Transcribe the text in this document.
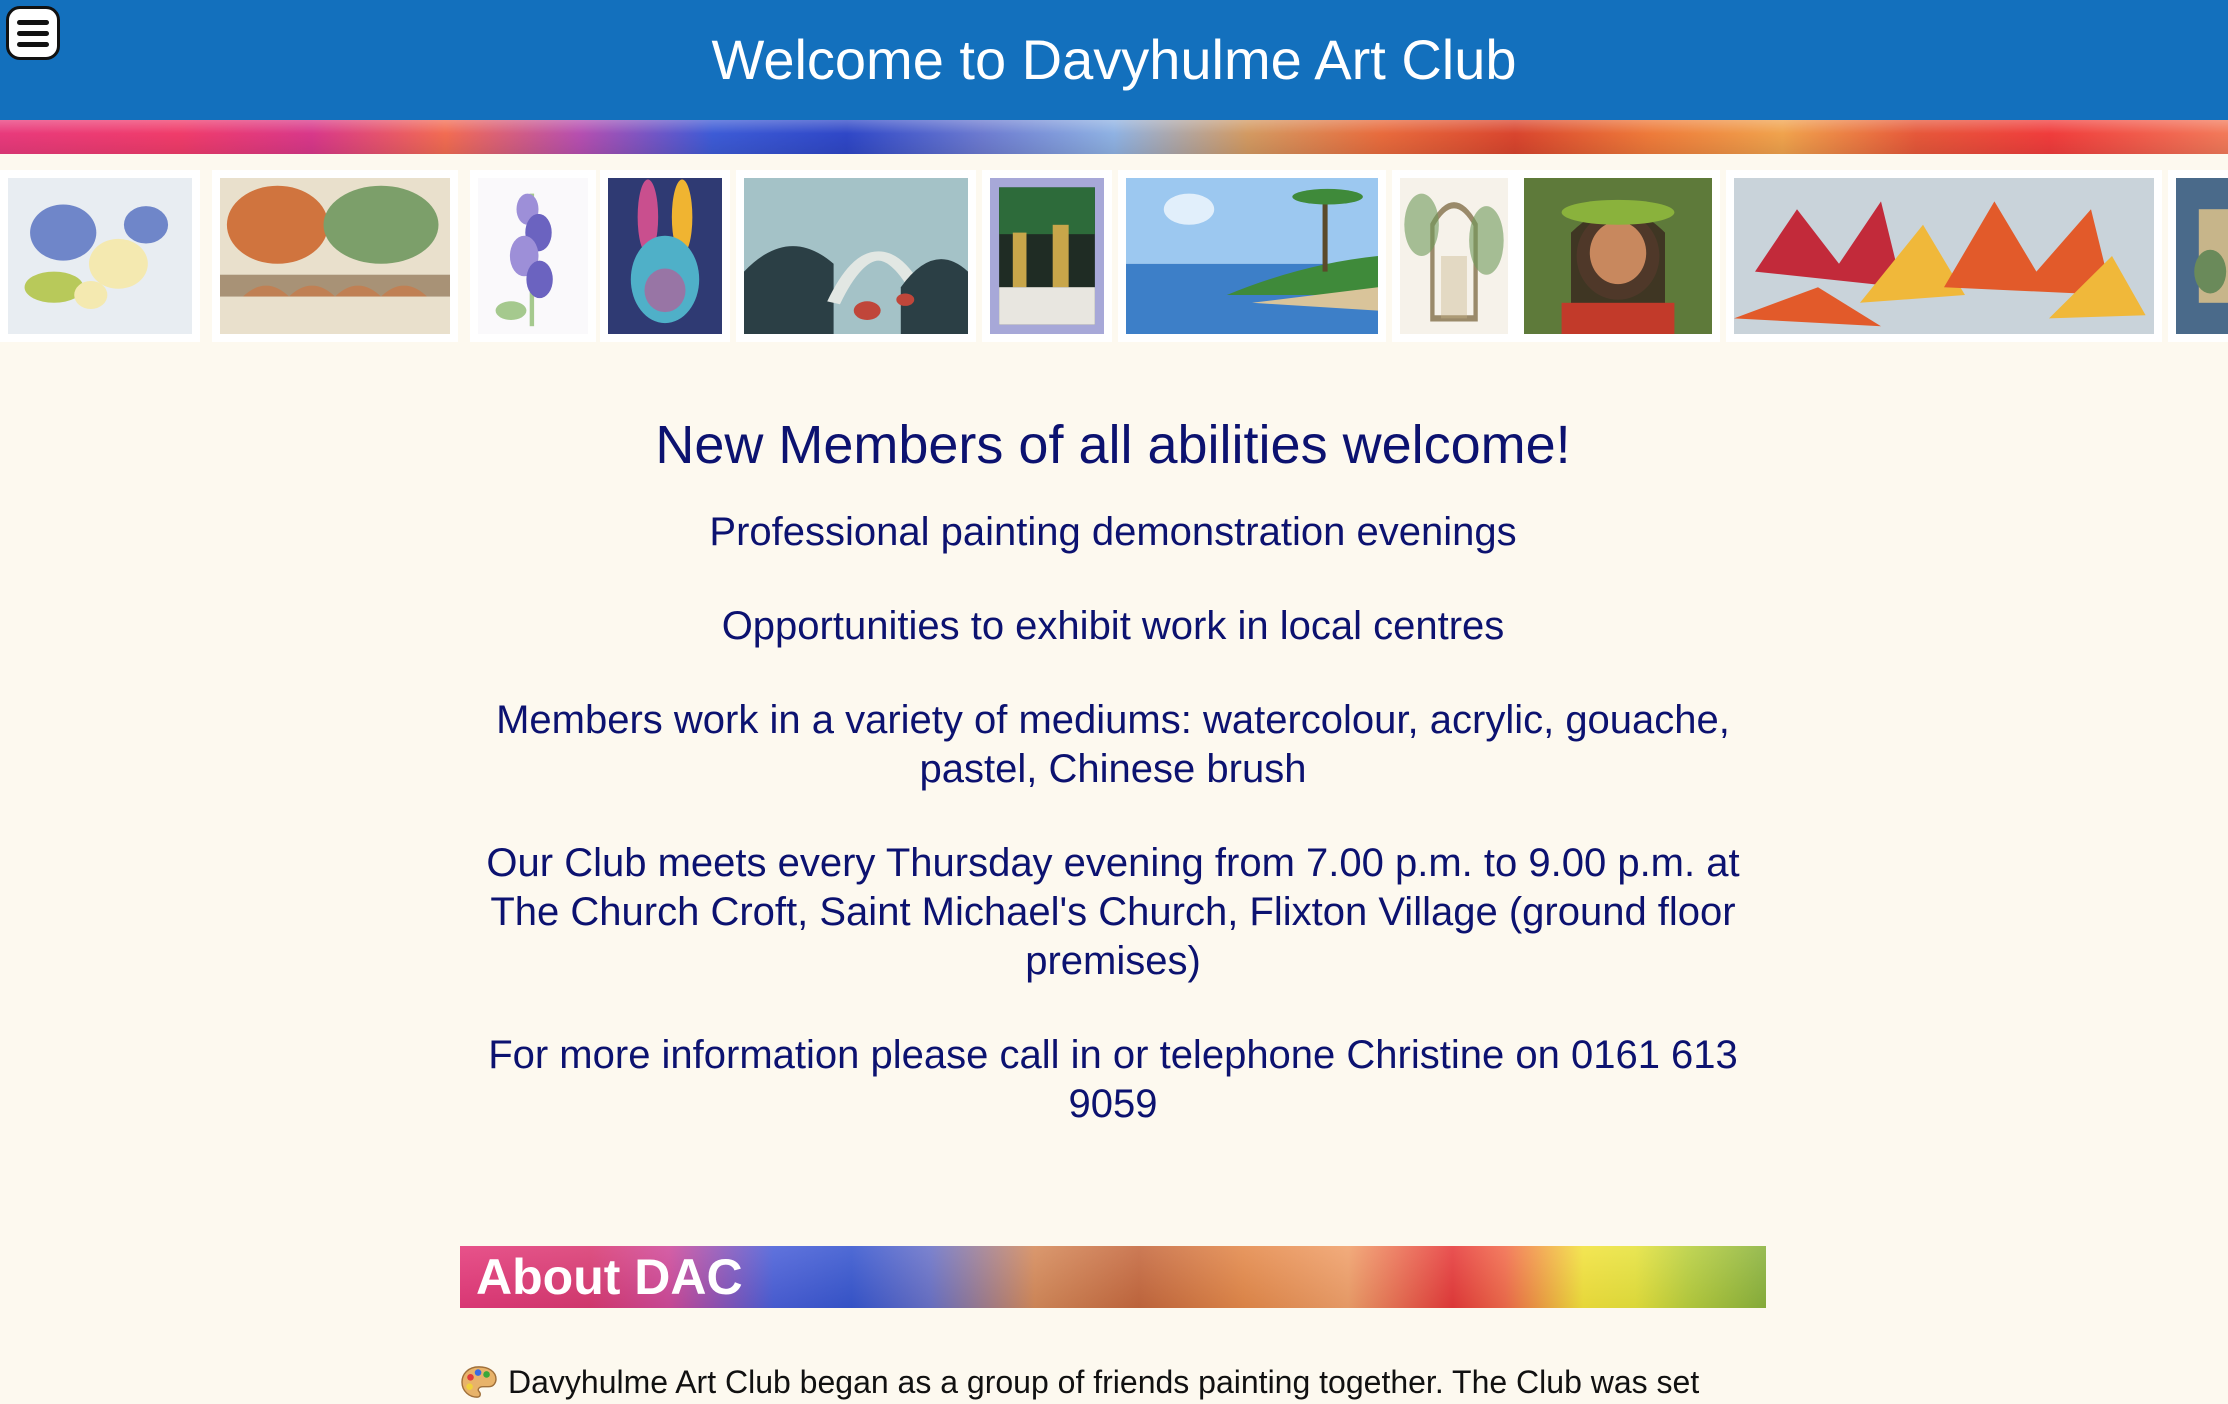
Welcome to Davyhulme Art Club
New Members of all abilities welcome!

Professional painting demonstration evenings

Opportunities to exhibit work in local centres

Members work in a variety of mediums: watercolour, acrylic, gouache, pastel, Chinese brush

Our Club meets every Thursday evening from 7.00 p.m. to 9.00 p.m. at The Church Croft, Saint Michael's Church, Flixton Village (ground floor premises)

For more information please call in or telephone Christine on 0161 613 9059

About DAC
Davyhulme Art Club began as a group of friends painting together. The Club was set
